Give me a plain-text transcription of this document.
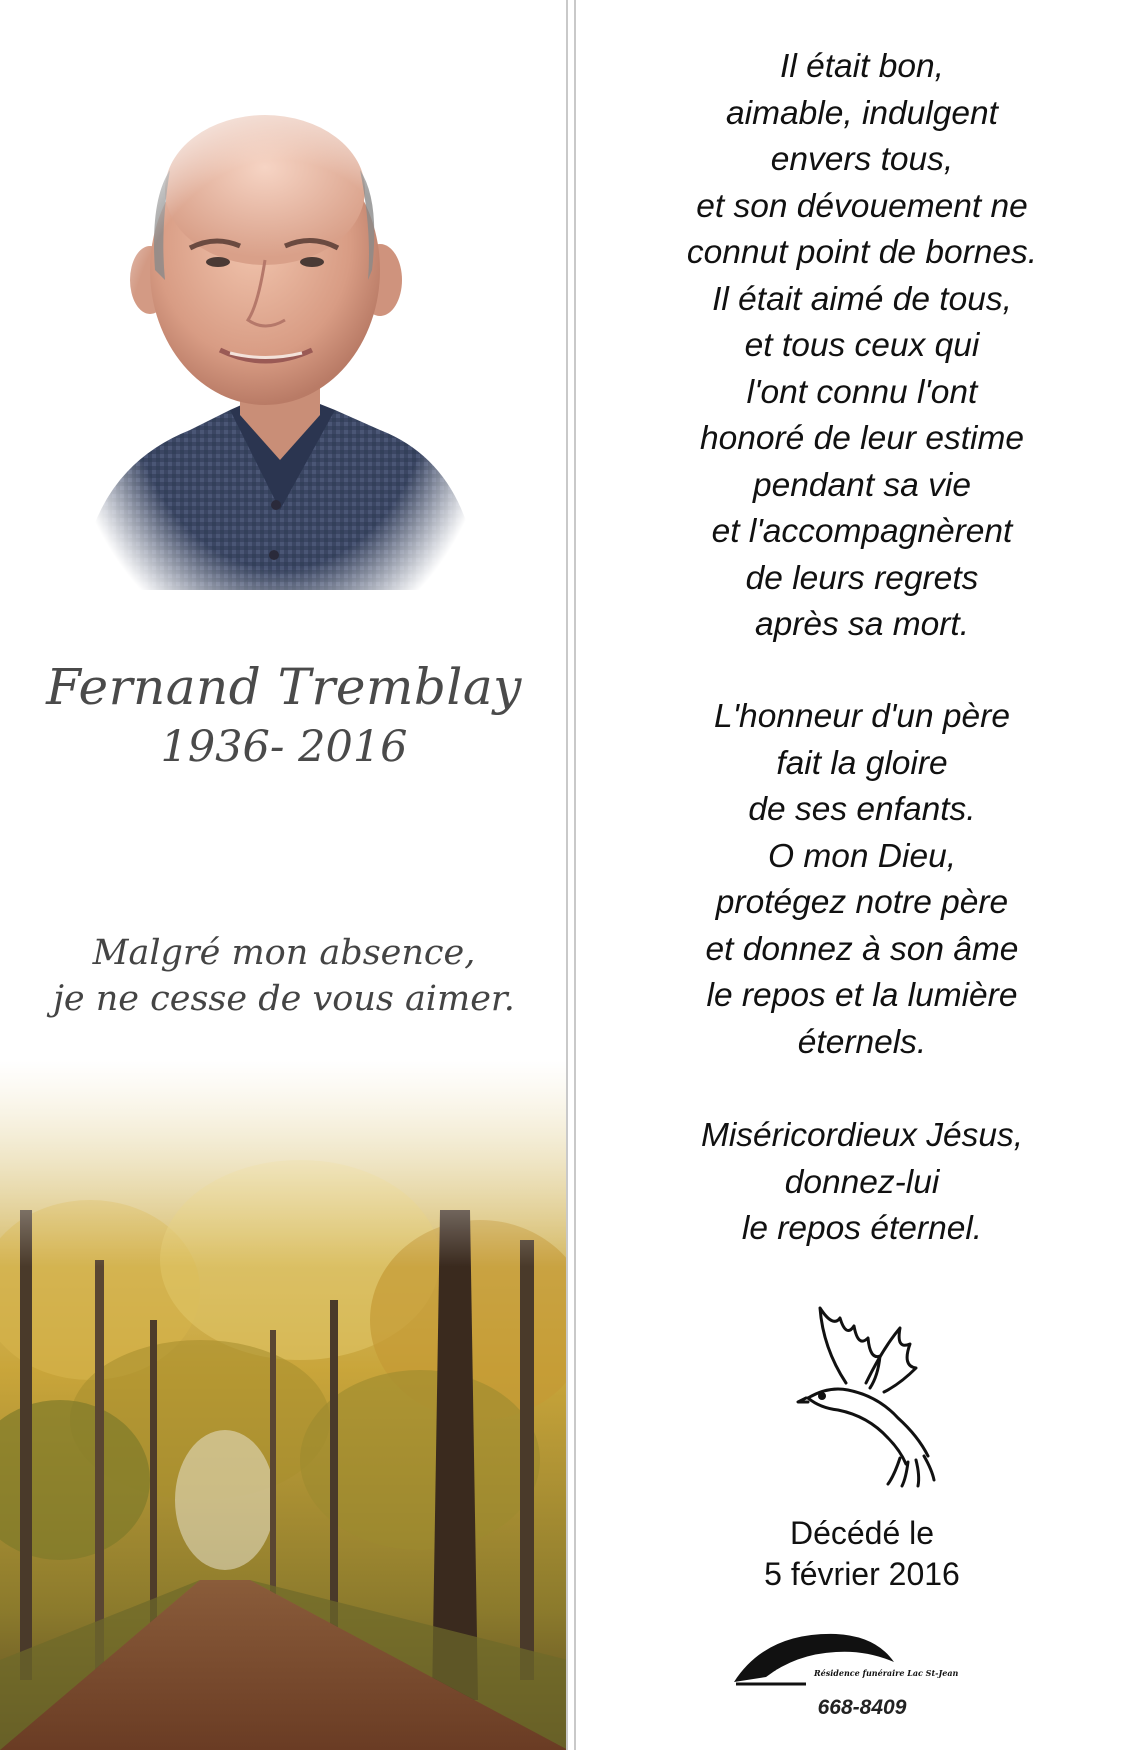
Fernand Tremblay
1936- 2016
Malgré mon absence,
je ne cesse de vous aimer.
Il était bon,
aimable, indulgent
envers tous,
et son dévouement ne
connut point de bornes.
Il était aimé de tous,
et tous ceux qui
l'ont connu l'ont
honoré de leur estime
pendant sa vie
et l'accompagnèrent
de leurs regrets
après sa mort.
L'honneur d'un père
fait la gloire
de ses enfants.
O mon Dieu,
protégez notre père
et donnez à son âme
le repos et la lumière
éternels.
Miséricordieux Jésus,
donnez-lui
le repos éternel.
Décédé le
5 février 2016
Résidence funéraire Lac St-Jean
668-8409
